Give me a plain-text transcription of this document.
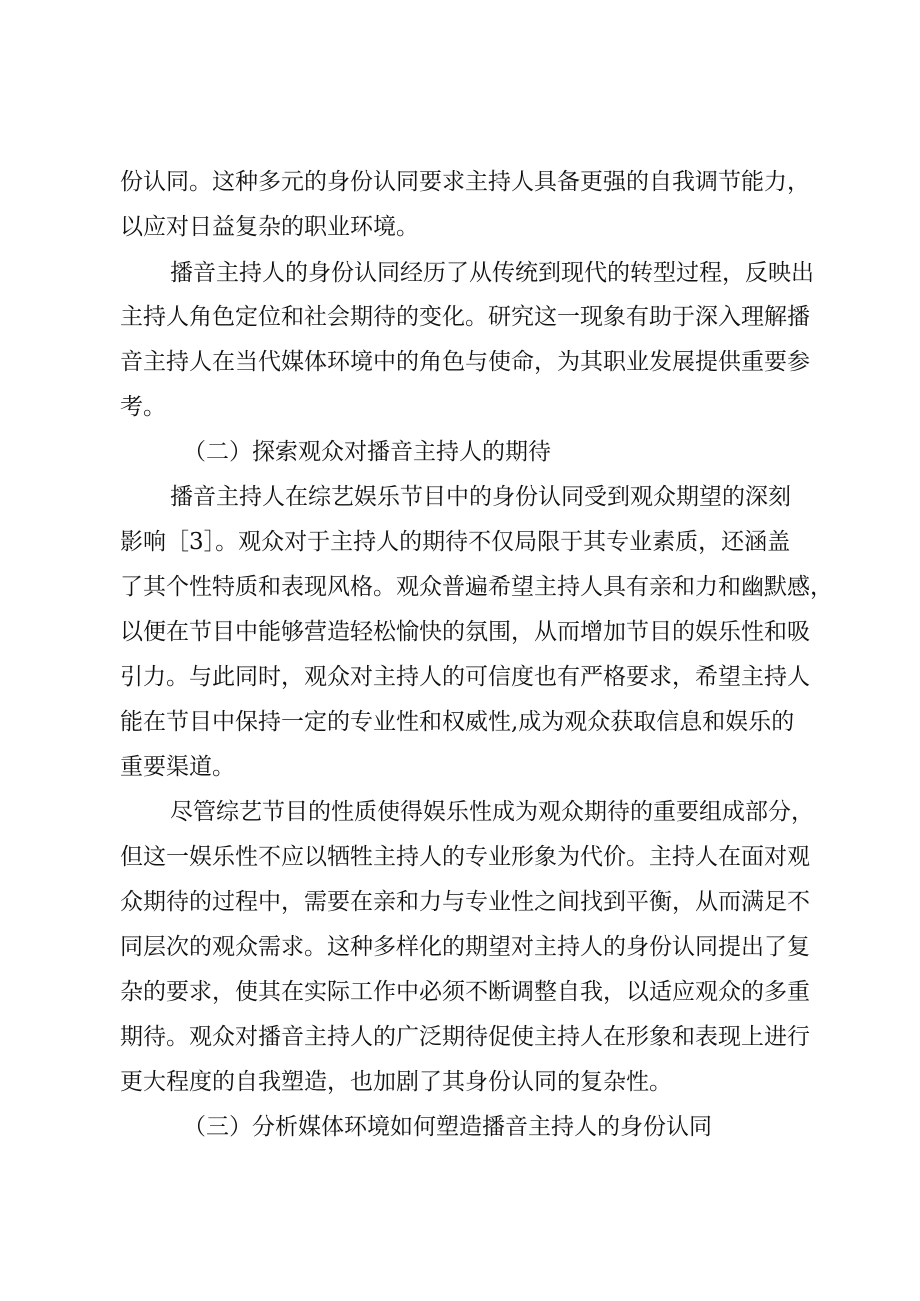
份认同。这种多元的身份认同要求主持人具备更强的自我调节能力，

以应对日益复杂的职业环境。

播音主持人的身份认同经历了从传统到现代的转型过程，反映出

主持人角色定位和社会期待的变化。研究这一现象有助于深入理解播

音主持人在当代媒体环境中的角色与使命，为其职业发展提供重要参

考。

（二）探索观众对播音主持人的期待

播音主持人在综艺娱乐节目中的身份认同受到观众期望的深刻

影响［3］。观众对于主持人的期待不仅局限于其专业素质，还涵盖

了其个性特质和表现风格。观众普遍希望主持人具有亲和力和幽默感，

以便在节目中能够营造轻松愉快的氛围，从而增加节目的娱乐性和吸

引力。与此同时，观众对主持人的可信度也有严格要求，希望主持人

能在节目中保持一定的专业性和权威性,成为观众获取信息和娱乐的

重要渠道。

尽管综艺节目的性质使得娱乐性成为观众期待的重要组成部分，

但这一娱乐性不应以牺牲主持人的专业形象为代价。主持人在面对观

众期待的过程中，需要在亲和力与专业性之间找到平衡，从而满足不

同层次的观众需求。这种多样化的期望对主持人的身份认同提出了复

杂的要求，使其在实际工作中必须不断调整自我，以适应观众的多重

期待。观众对播音主持人的广泛期待促使主持人在形象和表现上进行

更大程度的自我塑造，也加剧了其身份认同的复杂性。

（三）分析媒体环境如何塑造播音主持人的身份认同
